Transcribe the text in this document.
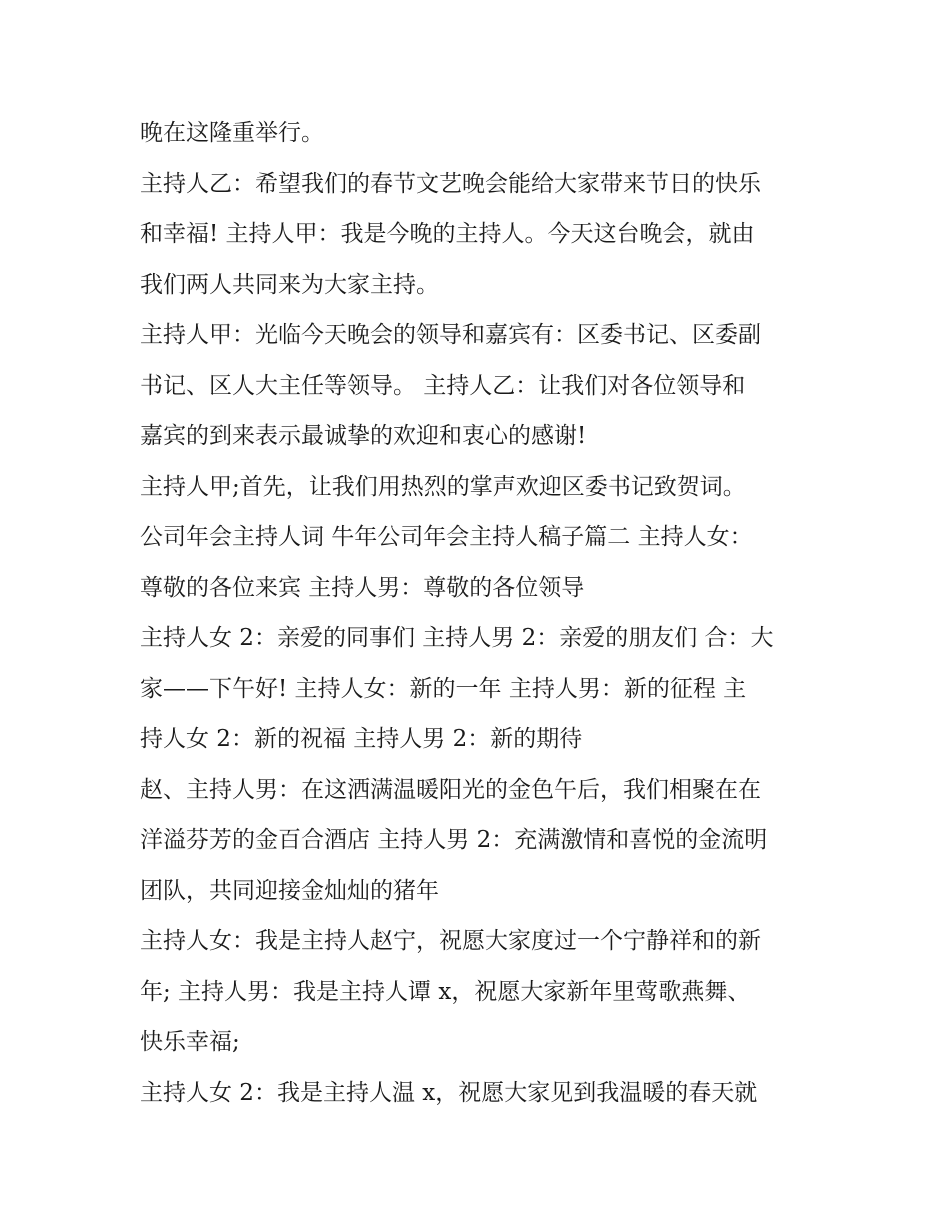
晚在这隆重举行。
主持人乙：希望我们的春节文艺晚会能给大家带来节日的快乐
和幸福! 主持人甲：我是今晚的主持人。今天这台晚会，就由
我们两人共同来为大家主持。
主持人甲：光临今天晚会的领导和嘉宾有：区委书记、区委副
书记、区人大主任等领导。 主持人乙：让我们对各位领导和
嘉宾的到来表示最诚挚的欢迎和衷心的感谢!
主持人甲;首先，让我们用热烈的掌声欢迎区委书记致贺词。
公司年会主持人词 牛年公司年会主持人稿子篇二 主持人女：
尊敬的各位来宾 主持人男：尊敬的各位领导
主持人女 2：亲爱的同事们 主持人男 2：亲爱的朋友们 合：大
家——下午好! 主持人女：新的一年 主持人男：新的征程 主
持人女 2：新的祝福 主持人男 2：新的期待
赵、主持人男：在这洒满温暖阳光的金色午后，我们相聚在在
洋溢芬芳的金百合酒店 主持人男 2：充满激情和喜悦的金流明
团队，共同迎接金灿灿的猪年
主持人女：我是主持人赵宁，祝愿大家度过一个宁静祥和的新
年; 主持人男：我是主持人谭 x，祝愿大家新年里莺歌燕舞、
快乐幸福;
主持人女 2：我是主持人温 x，祝愿大家见到我温暖的春天就
